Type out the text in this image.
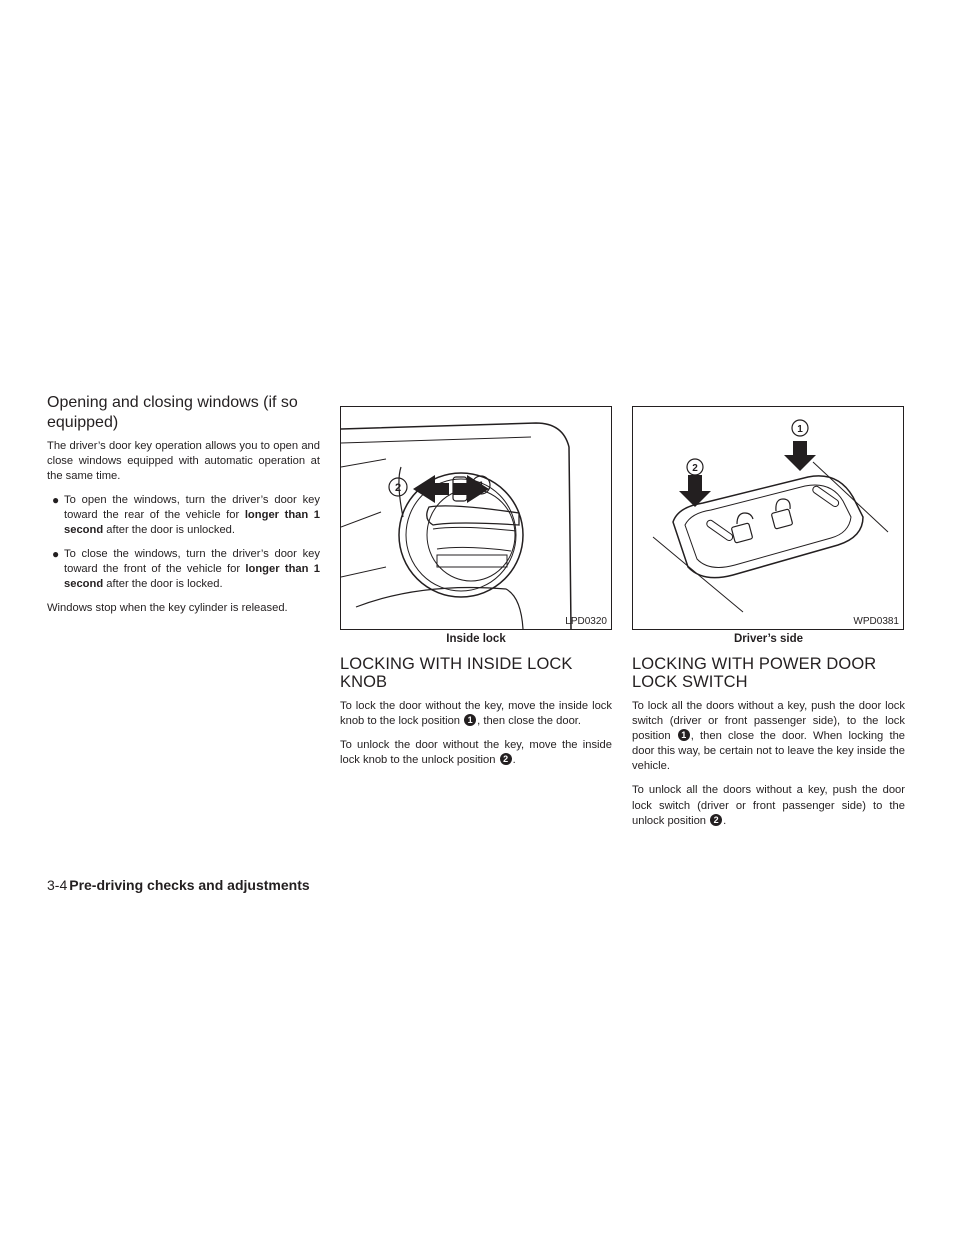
Opening and closing windows (if so equipped)

The driver’s door key operation allows you to open and close windows equipped with automatic operation at the same time.

● To open the windows, turn the driver’s door key toward the rear of the vehicle for longer than 1 second after the door is unlocked.
● To close the windows, turn the driver’s door key toward the front of the vehicle for longer than 1 second after the door is locked.

Windows stop when the key cylinder is released.

2	1
LPD0320
Inside lock
LOCKING WITH INSIDE LOCK KNOB

To lock the door without the key, move the inside lock knob to the lock position 1 , then close the door.

To unlock the door without the key, move the inside lock knob to the unlock position 2 .

2
1
WPD0381
Driver’s side
LOCKING WITH POWER DOOR LOCK SWITCH

To lock all the doors without a key, push the door lock switch (driver or front passenger side), to the lock position 1 , then close the door. When locking the door this way, be certain not to leave the key inside the vehicle.

To unlock all the doors without a key, push the door lock switch (driver or front passenger side) to the unlock position 2 .

3-4 Pre-driving checks and adjustments
